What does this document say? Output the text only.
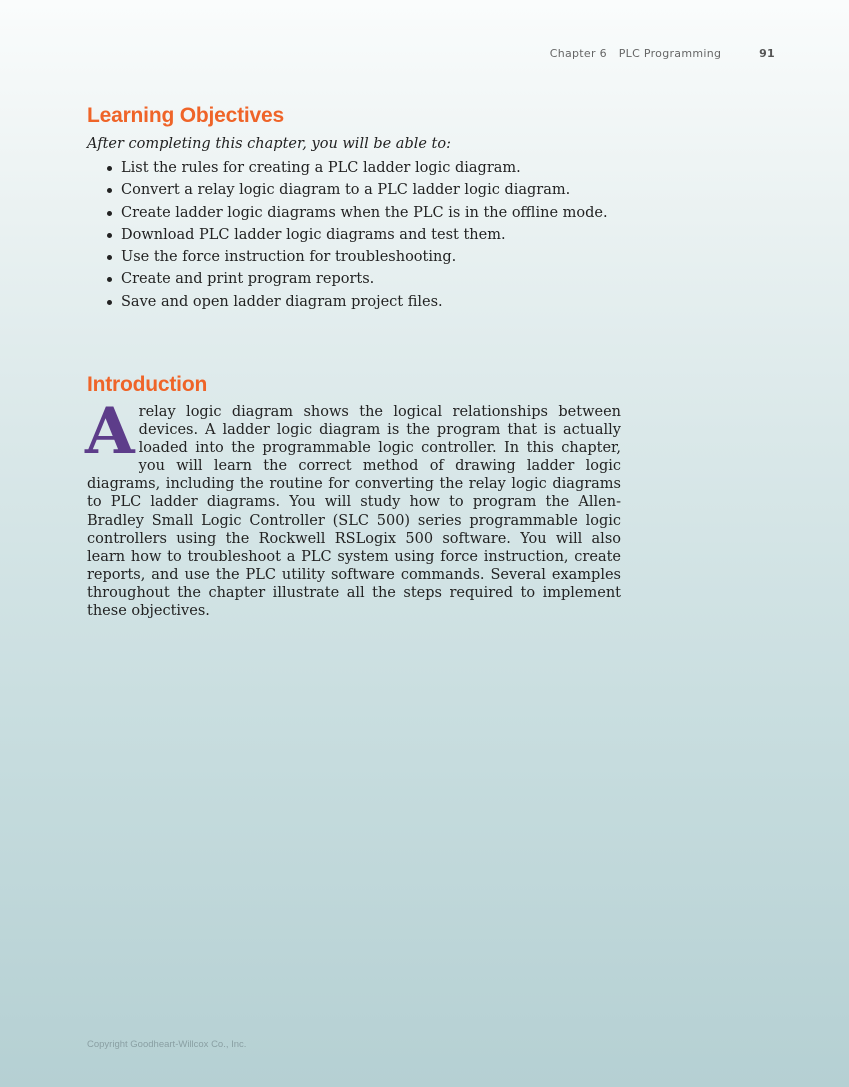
Chapter 6 PLC Programming	91
Learning Objectives
After completing this chapter, you will be able to:
List the rules for creating a PLC ladder logic diagram.
Convert a relay logic diagram to a PLC ladder logic diagram.
Create ladder logic diagrams when the PLC is in the offline mode.
Download PLC ladder logic diagrams and test them.
Use the force instruction for troubleshooting.
Create and print program reports.
Save and open ladder diagram project files.
Introduction
A relay logic diagram shows the logical relationships between devices. A ladder logic diagram is the program that is actually loaded into the programmable logic controller. In this chapter, you will learn the correct method of drawing ladder logic diagrams, including the routine for converting the relay logic diagrams to PLC ladder diagrams. You will study how to program the Allen-Bradley Small Logic Controller (SLC 500) series programmable logic controllers using the Rockwell RSLogix 500 software. You will also learn how to troubleshoot a PLC system using force instruction, create reports, and use the PLC utility software commands. Several examples throughout the chapter illustrate all the steps required to implement these objectives.
Copyright Goodheart-Willcox Co., Inc.
